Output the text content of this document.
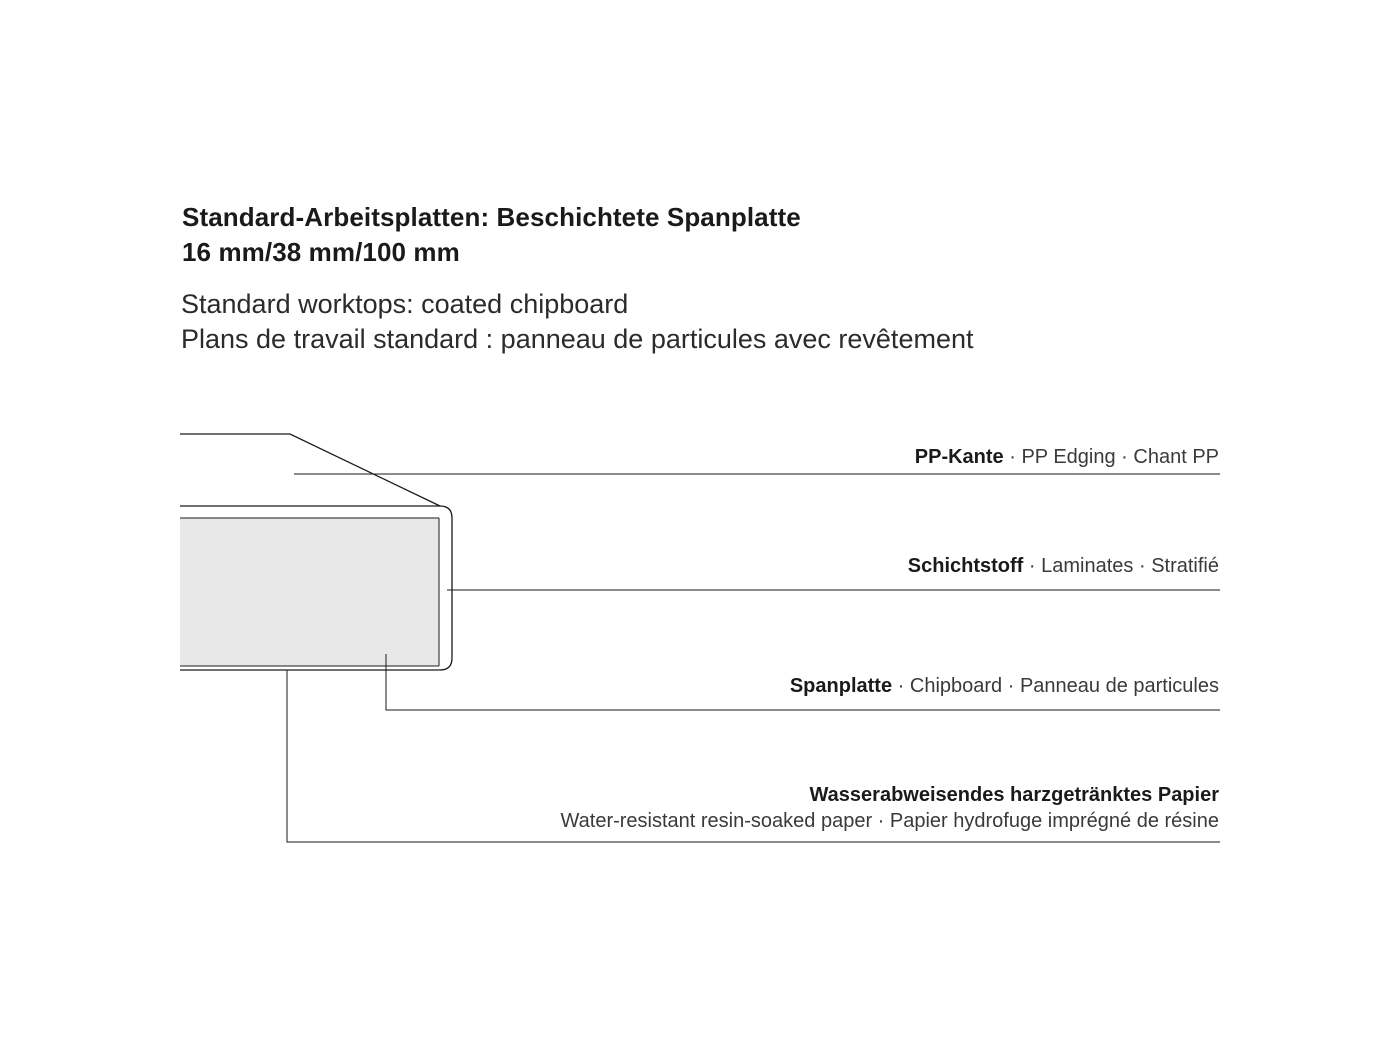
Standard-Arbeitsplatten: Beschichtete Spanplatte
16 mm/38 mm/100 mm
Standard worktops: coated chipboard
Plans de travail standard : panneau de particules avec revêtement
PP-Kante · PP Edging · Chant PP
Schichtstoff · Laminates · Stratifié
Spanplatte · Chipboard · Panneau de particules
Wasserabweisendes harzgetränktes Papier
Water-resistant resin-soaked paper · Papier hydrofuge imprégné de résine
